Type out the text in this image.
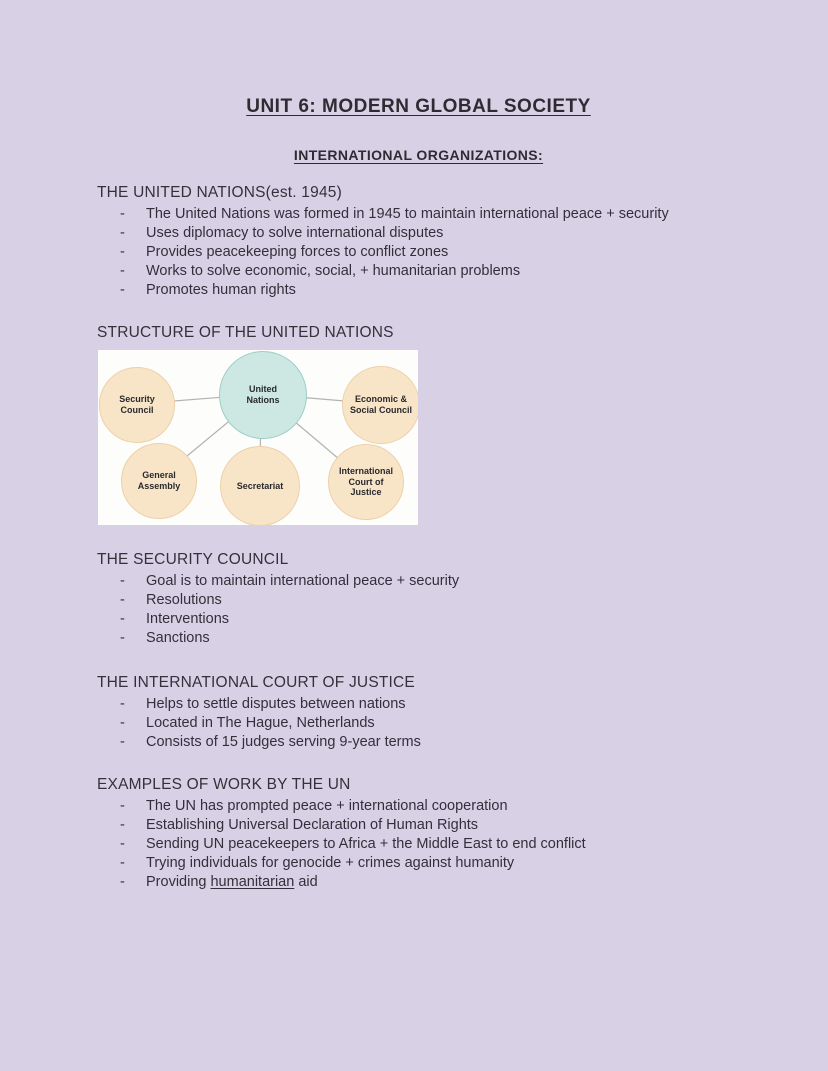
UNIT 6: MODERN GLOBAL SOCIETY
INTERNATIONAL ORGANIZATIONS:
THE UNITED NATIONS(est. 1945)
-	The United Nations was formed in 1945 to maintain international peace + security
-	Uses diplomacy to solve international disputes
-	Provides peacekeeping forces to conflict zones
-	Works to solve economic, social, + humanitarian problems
-	Promotes human rights
STRUCTURE OF THE UNITED NATIONS
United Nations
Security Council
Economic & Social Council
General Assembly	Secretariat
International Court of Justice
THE SECURITY COUNCIL
-	Goal is to maintain international peace + security
-	Resolutions
-	Interventions
-	Sanctions
THE INTERNATIONAL COURT OF JUSTICE
-	Helps to settle disputes between nations
-	Located in The Hague, Netherlands
-	Consists of 15 judges serving 9-year terms
EXAMPLES OF WORK BY THE UN
-	The UN has prompted peace + international cooperation
-	Establishing Universal Declaration of Human Rights
-	Sending UN peacekeepers to Africa + the Middle East to end conflict
-	Trying individuals for genocide + crimes against humanity
-	Providing humanitarian aid
